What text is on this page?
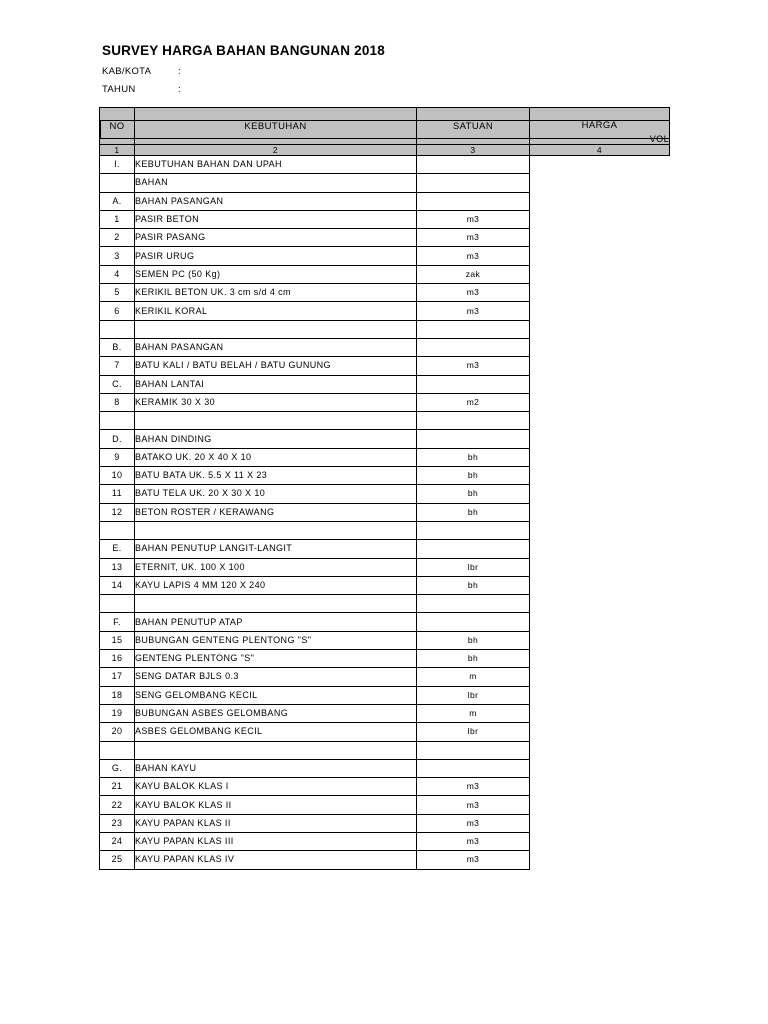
SURVEY HARGA BAHAN BANGUNAN 2018
KAB/KOTA	:
TAHUN	:
NO	KEBUTUHAN	SATUAN	HARGA
VOL

1	2	3	4
I.	KEBUTUHAN BAHAN DAN UPAH		

	BAHAN		

A.	BAHAN PASANGAN		

1	PASIR BETON	m3	

2	PASIR PASANG	m3	

3	PASIR URUG	m3	

4	SEMEN PC (50 Kg)	zak	

5	KERIKIL BETON UK. 3 cm s/d 4 cm	m3	

6	KERIKIL KORAL	m3	

B.	BAHAN PASANGAN		

7	BATU KALI / BATU BELAH / BATU GUNUNG	m3	

C.	BAHAN LANTAI		

8	KERAMIK 30 X 30	m2	

D.	BAHAN DINDING		

9	BATAKO UK. 20 X 40 X 10	bh	

10	BATU BATA UK. 5.5 X 11 X 23	bh	

11	BATU TELA UK. 20 X 30 X 10	bh	

12	BETON ROSTER / KERAWANG	bh	

E.	BAHAN PENUTUP LANGIT-LANGIT		

13	ETERNIT, UK. 100 X 100	lbr	

14	KAYU LAPIS 4 MM 120 X 240	bh	

F.	BAHAN PENUTUP ATAP		

15	BUBUNGAN GENTENG PLENTONG "S"	bh	

16	GENTENG PLENTONG "S"	bh	

17	SENG DATAR BJLS 0.3	m	

18	SENG GELOMBANG KECIL	lbr	

19	BUBUNGAN ASBES GELOMBANG	m	

20	ASBES GELOMBANG KECIL	lbr	

G.	BAHAN KAYU		

21	KAYU BALOK KLAS I	m3	

22	KAYU BALOK KLAS II	m3	

23	KAYU PAPAN KLAS II	m3	

24	KAYU PAPAN KLAS III	m3	

25	KAYU PAPAN KLAS IV	m3	
